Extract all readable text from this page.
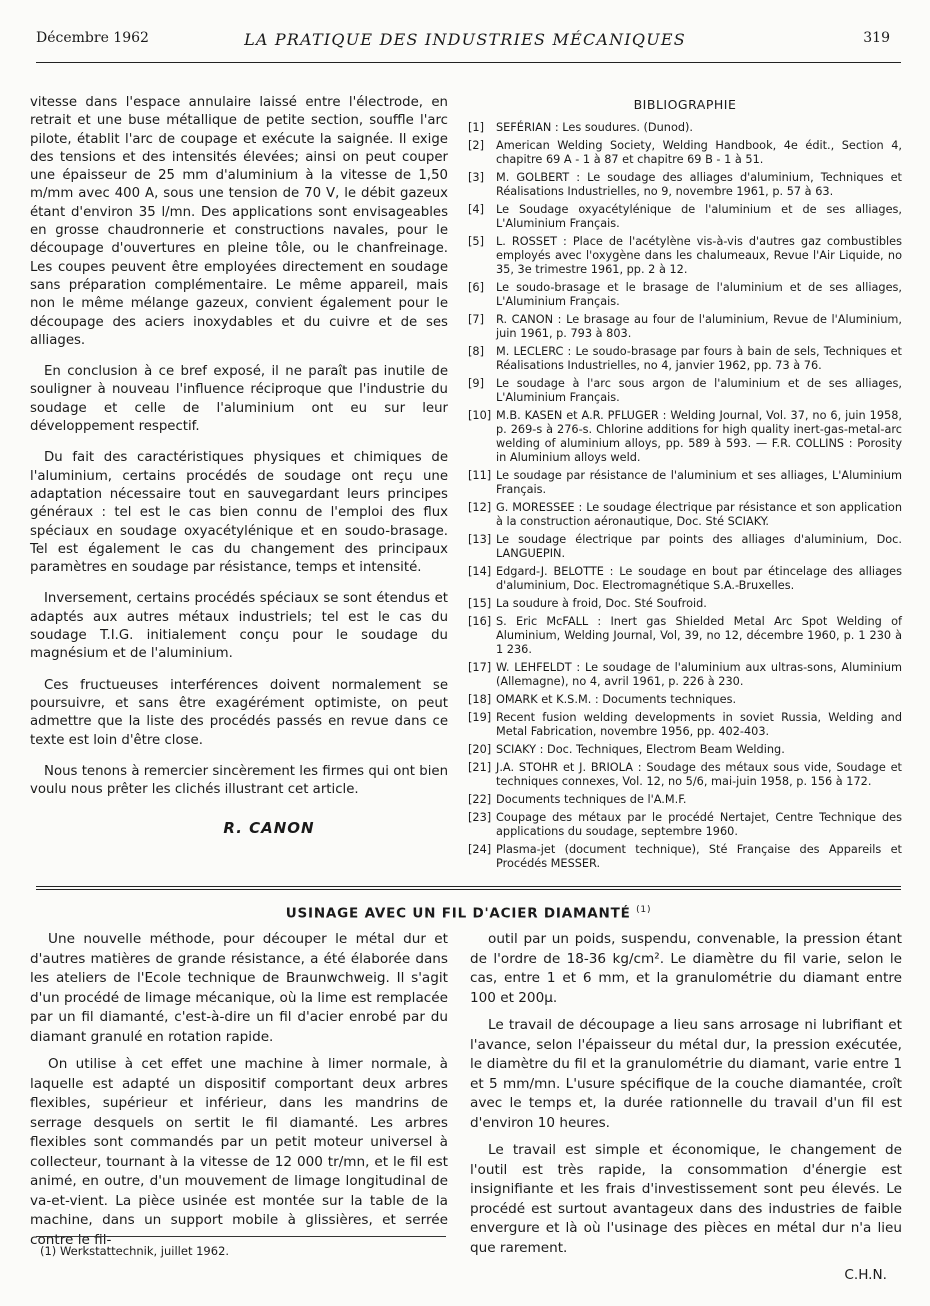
Décembre 1962	LA PRATIQUE DES INDUSTRIES MÉCANIQUES	319

vitesse dans l'espace annulaire laissé entre l'électrode, en retrait et une buse métallique de petite section, souffle l'arc pilote, établit l'arc de coupage et exécute la saignée. Il exige des tensions et des intensités élevées; ainsi on peut couper une épaisseur de 25 mm d'aluminium à la vitesse de 1,50 m/mm avec 400 A, sous une tension de 70 V, le débit gazeux étant d'environ 35 l/mn. Des applications sont envisageables en grosse chaudronnerie et constructions navales, pour le découpage d'ouvertures en pleine tôle, ou le chanfreinage. Les coupes peuvent être employées directement en soudage sans préparation complémentaire. Le même appareil, mais non le même mélange gazeux, convient également pour le découpage des aciers inoxydables et du cuivre et de ses alliages.

En conclusion à ce bref exposé, il ne paraît pas inutile de souligner à nouveau l'influence réciproque que l'industrie du soudage et celle de l'aluminium ont eu sur leur développement respectif.

Du fait des caractéristiques physiques et chimiques de l'aluminium, certains procédés de soudage ont reçu une adaptation nécessaire tout en sauvegardant leurs principes généraux : tel est le cas bien connu de l'emploi des flux spéciaux en soudage oxyacétylénique et en soudo-brasage. Tel est également le cas du changement des principaux paramètres en soudage par résistance, temps et intensité.

Inversement, certains procédés spéciaux se sont étendus et adaptés aux autres métaux industriels; tel est le cas du soudage T.I.G. initialement conçu pour le soudage du magnésium et de l'aluminium.

Ces fructueuses interférences doivent normalement se poursuivre, et sans être exagérément optimiste, on peut admettre que la liste des procédés passés en revue dans ce texte est loin d'être close.

Nous tenons à remercier sincèrement les firmes qui ont bien voulu nous prêter les clichés illustrant cet article.

R. CANON
BIBLIOGRAPHIE
[1]	SEFÉRIAN : Les soudures. (Dunod).
[2]	American Welding Society, Welding Handbook, 4e édit., Section 4, chapitre 69 A - 1 à 87 et chapitre 69 B - 1 à 51.
[3]	M. GOLBERT : Le soudage des alliages d'aluminium, Techniques et Réalisations Industrielles, no 9, novembre 1961, p. 57 à 63.
[4]	Le Soudage oxyacétylénique de l'aluminium et de ses alliages, L'Aluminium Français.
[5]	L. ROSSET : Place de l'acétylène vis-à-vis d'autres gaz combustibles employés avec l'oxygène dans les chalumeaux, Revue l'Air Liquide, no 35, 3e trimestre 1961, pp. 2 à 12.
[6]	Le soudo-brasage et le brasage de l'aluminium et de ses alliages, L'Aluminium Français.
[7]	R. CANON : Le brasage au four de l'aluminium, Revue de l'Aluminium, juin 1961, p. 793 à 803.
[8]	M. LECLERC : Le soudo-brasage par fours à bain de sels, Techniques et Réalisations Industrielles, no 4, janvier 1962, pp. 73 à 76.
[9]	Le soudage à l'arc sous argon de l'aluminium et de ses alliages, L'Aluminium Français.
[10] M.B. KASEN et A.R. PFLUGER : Welding Journal, Vol. 37, no 6, juin 1958, p. 269-s à 276-s. Chlorine additions for high quality inert-gas-metal-arc welding of aluminium alloys, pp. 589 à 593. — F.R. COLLINS : Porosity in Aluminium alloys weld.
[11] Le soudage par résistance de l'aluminium et ses alliages, L'Aluminium Français.
[12] G. MORESSEE : Le soudage électrique par résistance et son application à la construction aéronautique, Doc. Sté SCIAKY.
[13] Le soudage électrique par points des alliages d'aluminium, Doc. LANGUEPIN.
[14] Edgard-J. BELOTTE : Le soudage en bout par étincelage des alliages d'aluminium, Doc. Electromagnétique S.A.-Bruxelles.
[15] La soudure à froid, Doc. Sté Soufroid.
[16] S. Eric McFALL : Inert gas Shielded Metal Arc Spot Welding of Aluminium, Welding Journal, Vol, 39, no 12, décembre 1960, p. 1 230 à 1 236.
[17] W. LEHFELDT : Le soudage de l'aluminium aux ultras-sons, Aluminium (Allemagne), no 4, avril 1961, p. 226 à 230.
[18] OMARK et K.S.M. : Documents techniques.
[19] Recent fusion welding developments in soviet Russia, Welding and Metal Fabrication, novembre 1956, pp. 402-403.
[20] SCIAKY : Doc. Techniques, Electrom Beam Welding.
[21] J.A. STOHR et J. BRIOLA : Soudage des métaux sous vide, Soudage et techniques connexes, Vol. 12, no 5/6, mai-juin 1958, p. 156 à 172.
[22] Documents techniques de l'A.M.F.
[23] Coupage des métaux par le procédé Nertajet, Centre Technique des applications du soudage, septembre 1960.
[24] Plasma-jet (document technique), Sté Française des Appareils et Procédés MESSER.
USINAGE AVEC UN FIL D'ACIER DIAMANTÉ $^{(1)}$

Une nouvelle méthode, pour découper le métal dur et d'autres matières de grande résistance, a été élaborée dans les ateliers de l'Ecole technique de Braunwchweig. Il s'agit d'un procédé de limage mécanique, où la lime est remplacée par un fil diamanté, c'est-à-dire un fil d'acier enrobé par du diamant granulé en rotation rapide.

On utilise à cet effet une machine à limer normale, à laquelle est adapté un dispositif comportant deux arbres flexibles, supérieur et inférieur, dans les mandrins de serrage desquels on sertit le fil diamanté. Les arbres flexibles sont commandés par un petit moteur universel à collecteur, tournant à la vitesse de 12 000 tr/mn, et le fil est animé, en outre, d'un mouvement de limage longitudinal de va-et-vient. La pièce usinée est montée sur la table de la machine, dans un support mobile à glissières, et serrée contre le fil-

outil par un poids, suspendu, convenable, la pression étant de l'ordre de 18-36 kg/cm². Le diamètre du fil varie, selon le cas, entre 1 et 6 mm, et la granulométrie du diamant entre 100 et 200µ.

Le travail de découpage a lieu sans arrosage ni lubrifiant et l'avance, selon l'épaisseur du métal dur, la pression exécutée, le diamètre du fil et la granulométrie du diamant, varie entre 1 et 5 mm/mn. L'usure spécifique de la couche diamantée, croît avec le temps et, la durée rationnelle du travail d'un fil est d'environ 10 heures.

Le travail est simple et économique, le changement de l'outil est très rapide, la consommation d'énergie est insignifiante et les frais d'investissement sont peu élevés. Le procédé est surtout avantageux dans des industries de faible envergure et là où l'usinage des pièces en métal dur n'a lieu que rarement.

C.H.N.
(1) Werkstattechnik, juillet 1962.
